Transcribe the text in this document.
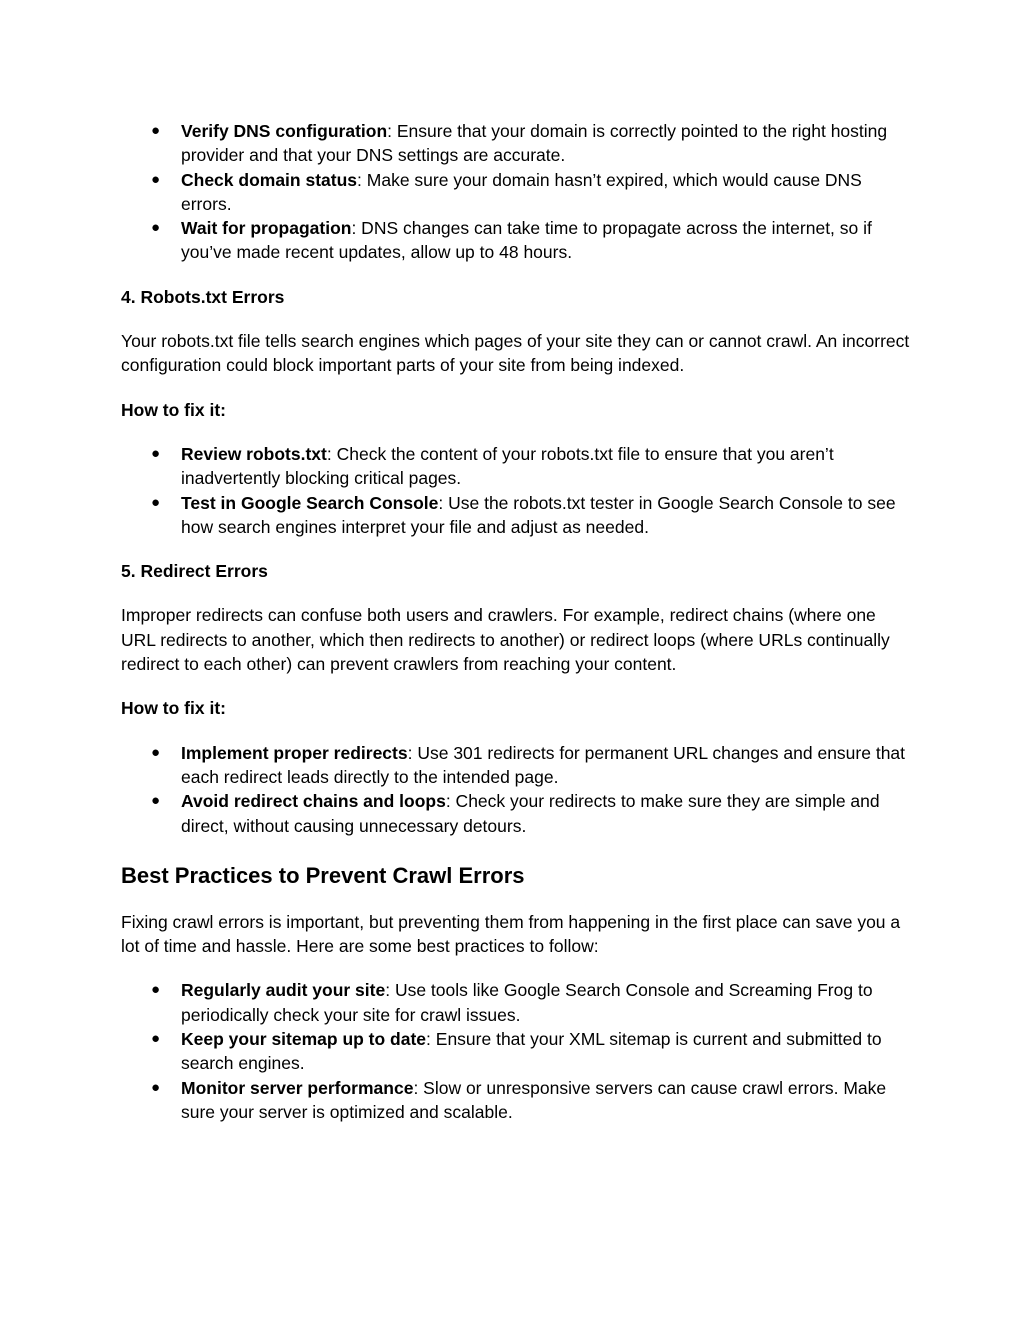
● Verify DNS configuration: Ensure that your domain is correctly pointed to the right hosting provider and that your DNS settings are accurate.
● Check domain status: Make sure your domain hasn’t expired, which would cause DNS errors.
● Wait for propagation: DNS changes can take time to propagate across the internet, so if you’ve made recent updates, allow up to 48 hours.

4. Robots.txt Errors

Your robots.txt file tells search engines which pages of your site they can or cannot crawl. An incorrect configuration could block important parts of your site from being indexed.

How to fix it:

● Review robots.txt: Check the content of your robots.txt file to ensure that you aren’t inadvertently blocking critical pages.
● Test in Google Search Console: Use the robots.txt tester in Google Search Console to see how search engines interpret your file and adjust as needed.

5. Redirect Errors

Improper redirects can confuse both users and crawlers. For example, redirect chains (where one URL redirects to another, which then redirects to another) or redirect loops (where URLs continually redirect to each other) can prevent crawlers from reaching your content.

How to fix it:

● Implement proper redirects: Use 301 redirects for permanent URL changes and ensure that each redirect leads directly to the intended page.
● Avoid redirect chains and loops: Check your redirects to make sure they are simple and direct, without causing unnecessary detours.
Best Practices to Prevent Crawl Errors

Fixing crawl errors is important, but preventing them from happening in the first place can save you a lot of time and hassle. Here are some best practices to follow:

● Regularly audit your site: Use tools like Google Search Console and Screaming Frog to periodically check your site for crawl issues.
● Keep your sitemap up to date: Ensure that your XML sitemap is current and submitted to search engines.
● Monitor server performance: Slow or unresponsive servers can cause crawl errors. Make sure your server is optimized and scalable.
